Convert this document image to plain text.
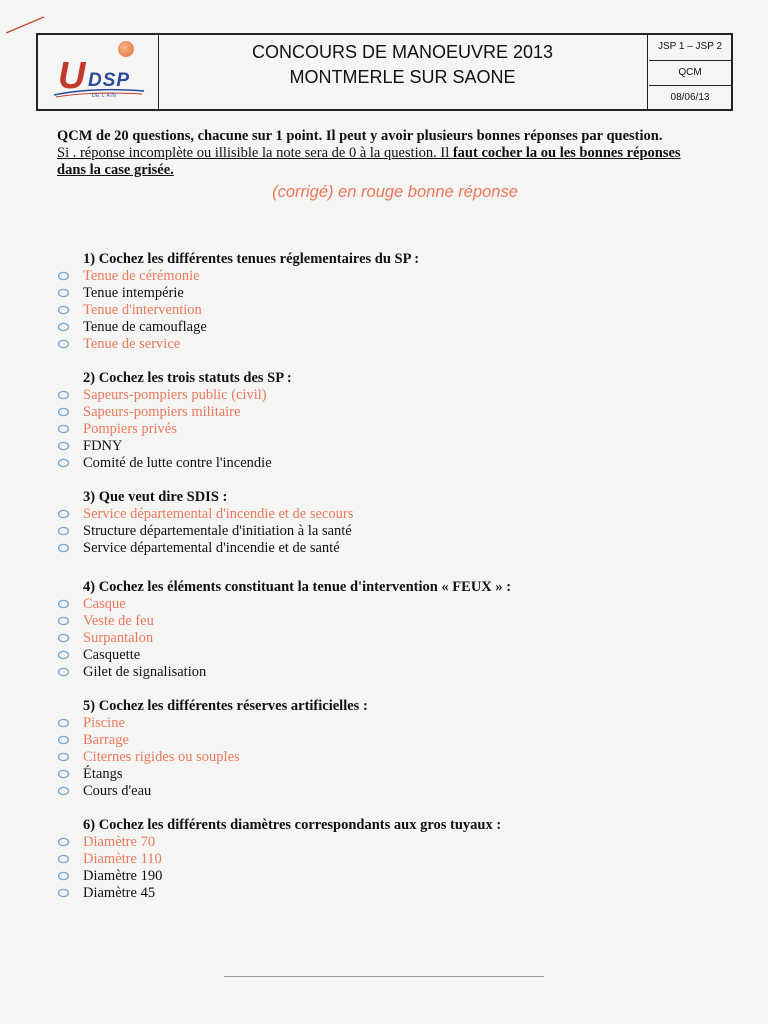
U DSP
DE L'AIN
CONCOURS DE MANOEUVRE 2013
MONTMERLE SUR SAONE
JSP 1 – JSP 2
QCM
08/06/13
QCM de 20 questions, chacune sur 1 point. Il peut y avoir plusieurs bonnes réponses par question.
Si . réponse incomplète ou illisible la note sera de 0 à la question. Il faut cocher la ou les bonnes réponses
dans la case grisée.
(corrigé) en rouge bonne réponse
1) Cochez les différentes tenues réglementaires du SP :
Tenue de cérémonie
Tenue intempérie
Tenue d'intervention
Tenue de camouflage
Tenue de service
2) Cochez les trois statuts des SP :
Sapeurs-pompiers public (civil)
Sapeurs-pompiers militaire
Pompiers privés
FDNY
Comité de lutte contre l'incendie
3) Que veut dire SDIS :
Service départemental d'incendie et de secours
Structure départementale d'initiation à la santé
Service départemental d'incendie et de santé
4) Cochez les éléments constituant la tenue d'intervention « FEUX » :
Casque
Veste de feu
Surpantalon
Casquette
Gilet de signalisation
5) Cochez les différentes réserves artificielles :
Piscine
Barrage
Citernes rigides ou souples
Étangs
Cours d'eau
6) Cochez les différents diamètres correspondants aux gros tuyaux :
Diamètre 70
Diamètre 110
Diamètre 190
Diamètre 45
